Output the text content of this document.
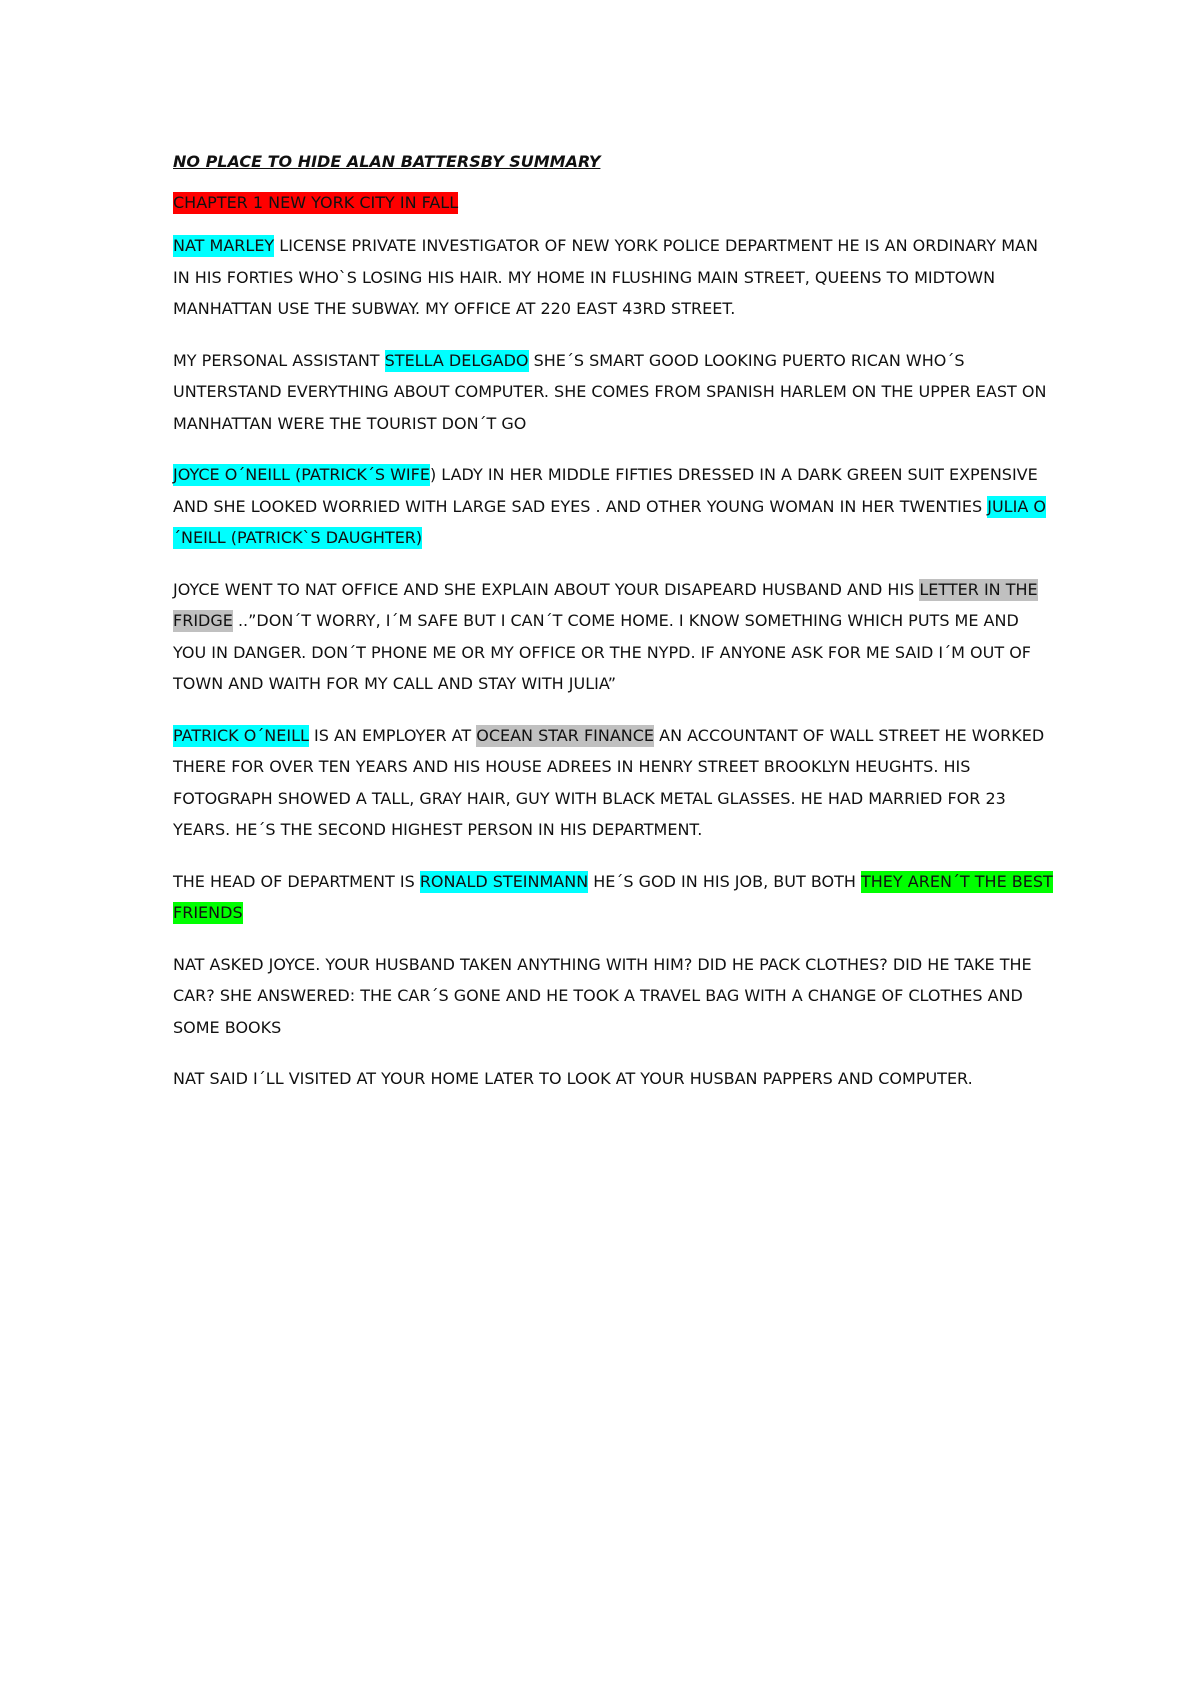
NO PLACE TO HIDE ALAN BATTERSBY SUMMARY
CHAPTER 1 NEW YORK CITY IN FALL

NAT MARLEY LICENSE PRIVATE INVESTIGATOR OF NEW YORK POLICE DEPARTMENT HE IS AN ORDINARY MAN IN HIS FORTIES WHO`S LOSING HIS HAIR. MY HOME IN FLUSHING MAIN STREET, QUEENS TO MIDTOWN MANHATTAN USE THE SUBWAY. MY OFFICE AT 220 EAST 43RD STREET.

MY PERSONAL ASSISTANT STELLA DELGADO SHE´S SMART GOOD LOOKING PUERTO RICAN WHO´S UNTERSTAND EVERYTHING ABOUT COMPUTER. SHE COMES FROM SPANISH HARLEM ON THE UPPER EAST ON MANHATTAN WERE THE TOURIST DON´T GO

JOYCE O´NEILL (PATRICK´S WIFE) LADY IN HER MIDDLE FIFTIES DRESSED IN A DARK GREEN SUIT EXPENSIVE AND SHE LOOKED WORRIED WITH LARGE SAD EYES . AND OTHER YOUNG WOMAN IN HER TWENTIES JULIA O´NEILL (PATRICK`S DAUGHTER)

JOYCE WENT TO NAT OFFICE AND SHE EXPLAIN ABOUT YOUR DISAPEARD HUSBAND AND HIS LETTER IN THE FRIDGE ..”DON´T WORRY, I´M SAFE BUT I CAN´T COME HOME. I KNOW SOMETHING WHICH PUTS ME AND YOU IN DANGER. DON´T PHONE ME OR MY OFFICE OR THE NYPD. IF ANYONE ASK FOR ME SAID I´M OUT OF TOWN AND WAITH FOR MY CALL AND STAY WITH JULIA”

PATRICK O´NEILL IS AN EMPLOYER AT OCEAN STAR FINANCE AN ACCOUNTANT OF WALL STREET HE WORKED THERE FOR OVER TEN YEARS AND HIS HOUSE ADREES IN HENRY STREET BROOKLYN HEUGHTS. HIS FOTOGRAPH SHOWED A TALL, GRAY HAIR, GUY WITH BLACK METAL GLASSES. HE HAD MARRIED FOR 23 YEARS. HE´S THE SECOND HIGHEST PERSON IN HIS DEPARTMENT.

THE HEAD OF DEPARTMENT IS RONALD STEINMANN HE´S GOD IN HIS JOB, BUT BOTH THEY AREN´T THE BEST FRIENDS

NAT ASKED JOYCE. YOUR HUSBAND TAKEN ANYTHING WITH HIM? DID HE PACK CLOTHES? DID HE TAKE THE CAR? SHE ANSWERED: THE CAR´S GONE AND HE TOOK A TRAVEL BAG WITH A CHANGE OF CLOTHES AND SOME BOOKS

NAT SAID I´LL VISITED AT YOUR HOME LATER TO LOOK AT YOUR HUSBAN PAPPERS AND COMPUTER.
